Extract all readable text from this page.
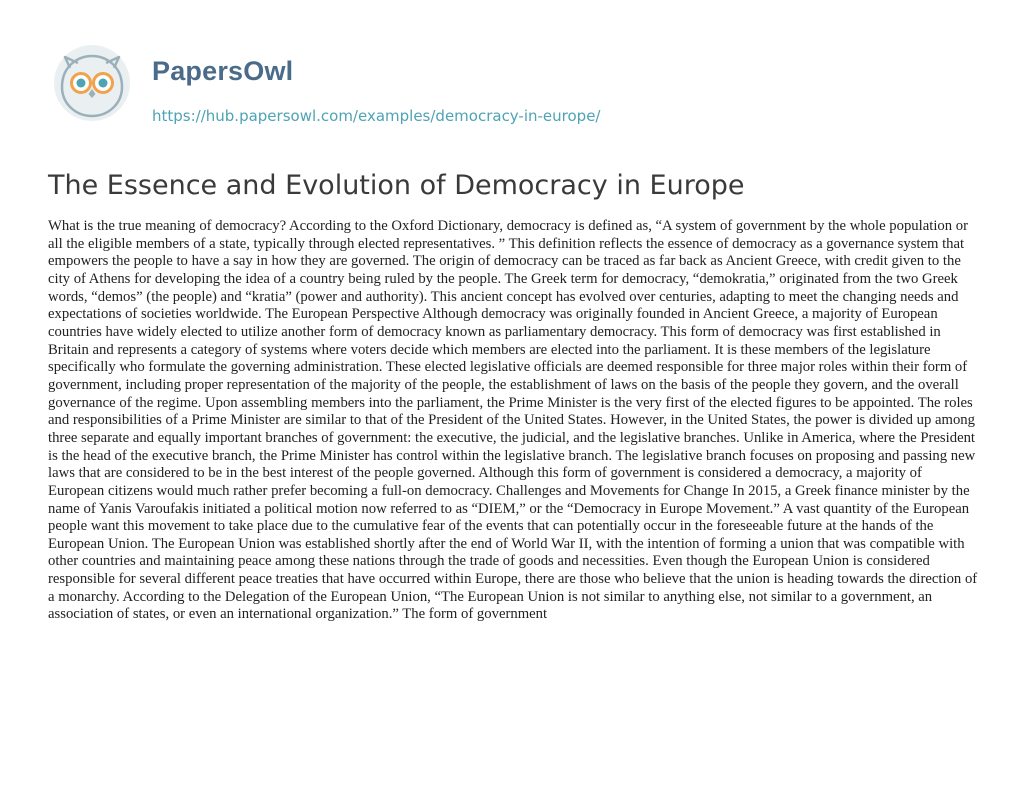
PapersOwl
https://hub.papersowl.com/examples/democracy-in-europe/
The Essence and Evolution of Democracy in Europe

What is the true meaning of democracy? According to the Oxford Dictionary, democracy is defined as, “A system of government by the whole population or all the eligible members of a state, typically through elected representatives. ” This definition reflects the essence of democracy as a governance system that empowers the people to have a say in how they are governed. The origin of democracy can be traced as far back as Ancient Greece, with credit given to the city of Athens for developing the idea of a country being ruled by the people. The Greek term for democracy, “demokratia,” originated from the two Greek words, “demos” (the people) and “kratia” (power and authority). This ancient concept has evolved over centuries, adapting to meet the changing needs and expectations of societies worldwide. The European Perspective Although democracy was originally founded in Ancient Greece, a majority of European countries have widely elected to utilize another form of democracy known as parliamentary democracy. This form of democracy was first established in Britain and represents a category of systems where voters decide which members are elected into the parliament. It is these members of the legislature specifically who formulate the governing administration. These elected legislative officials are deemed responsible for three major roles within their form of government, including proper representation of the majority of the people, the establishment of laws on the basis of the people they govern, and the overall governance of the regime. Upon assembling members into the parliament, the Prime Minister is the very first of the elected figures to be appointed. The roles and responsibilities of a Prime Minister are similar to that of the President of the United States. However, in the United States, the power is divided up among three separate and equally important branches of government: the executive, the judicial, and the legislative branches. Unlike in America, where the President is the head of the executive branch, the Prime Minister has control within the legislative branch. The legislative branch focuses on proposing and passing new laws that are considered to be in the best interest of the people governed. Although this form of government is considered a democracy, a majority of European citizens would much rather prefer becoming a full-on democracy. Challenges and Movements for Change In 2015, a Greek finance minister by the name of Yanis Varoufakis initiated a political motion now referred to as “DIEM,” or the “Democracy in Europe Movement.” A vast quantity of the European people want this movement to take place due to the cumulative fear of the events that can potentially occur in the foreseeable future at the hands of the European Union. The European Union was established shortly after the end of World War II, with the intention of forming a union that was compatible with other countries and maintaining peace among these nations through the trade of goods and necessities. Even though the European Union is considered responsible for several different peace treaties that have occurred within Europe, there are those who believe that the union is heading towards the direction of a monarchy. According to the Delegation of the European Union, “The European Union is not similar to anything else, not similar to a government, an association of states, or even an international organization.” The form of government
